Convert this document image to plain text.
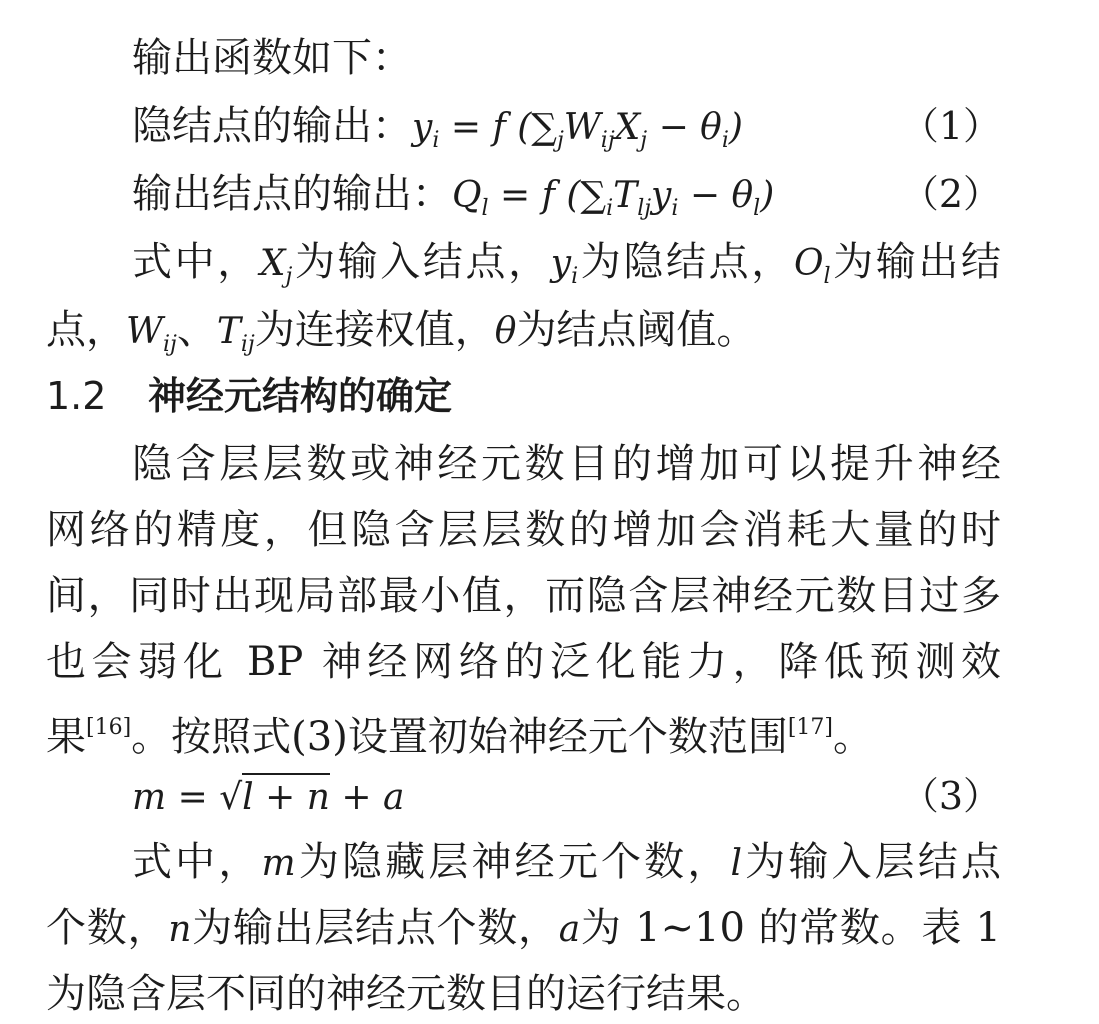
输出函数如下：
隐结点的输出：$y_i = f$ $(\sum_jW_{ij}X_j - \theta_i)$	（1）
输出结点的输出：$Q_l = f$ $(\sum_iT_{lj}y_i - \theta_l)$	（2）
式中，$X_j$为输入结点，$y_i$为隐结点，$O_l$为输出结
点，$W_{ij}$、$T_{ij}$为连接权值，θ为结点阈值。
1.2 神经元结构的确定
隐含层层数或神经元数目的增加可以提升神经
网络的精度，但隐含层层数的增加会消耗大量的时
间，同时出现局部最小值，而隐含层神经元数目过多
也会弱化 BP 神经网络的泛化能力，降低预测效
果[16]。按照式(3)设置初始神经元个数范围[17]。
m = √l + n + a	（3）
式中，m为隐藏层神经元个数，l为输入层结点
个数，n为输出层结点个数，a为 1~10 的常数。表 1
为隐含层不同的神经元数目的运行结果。
